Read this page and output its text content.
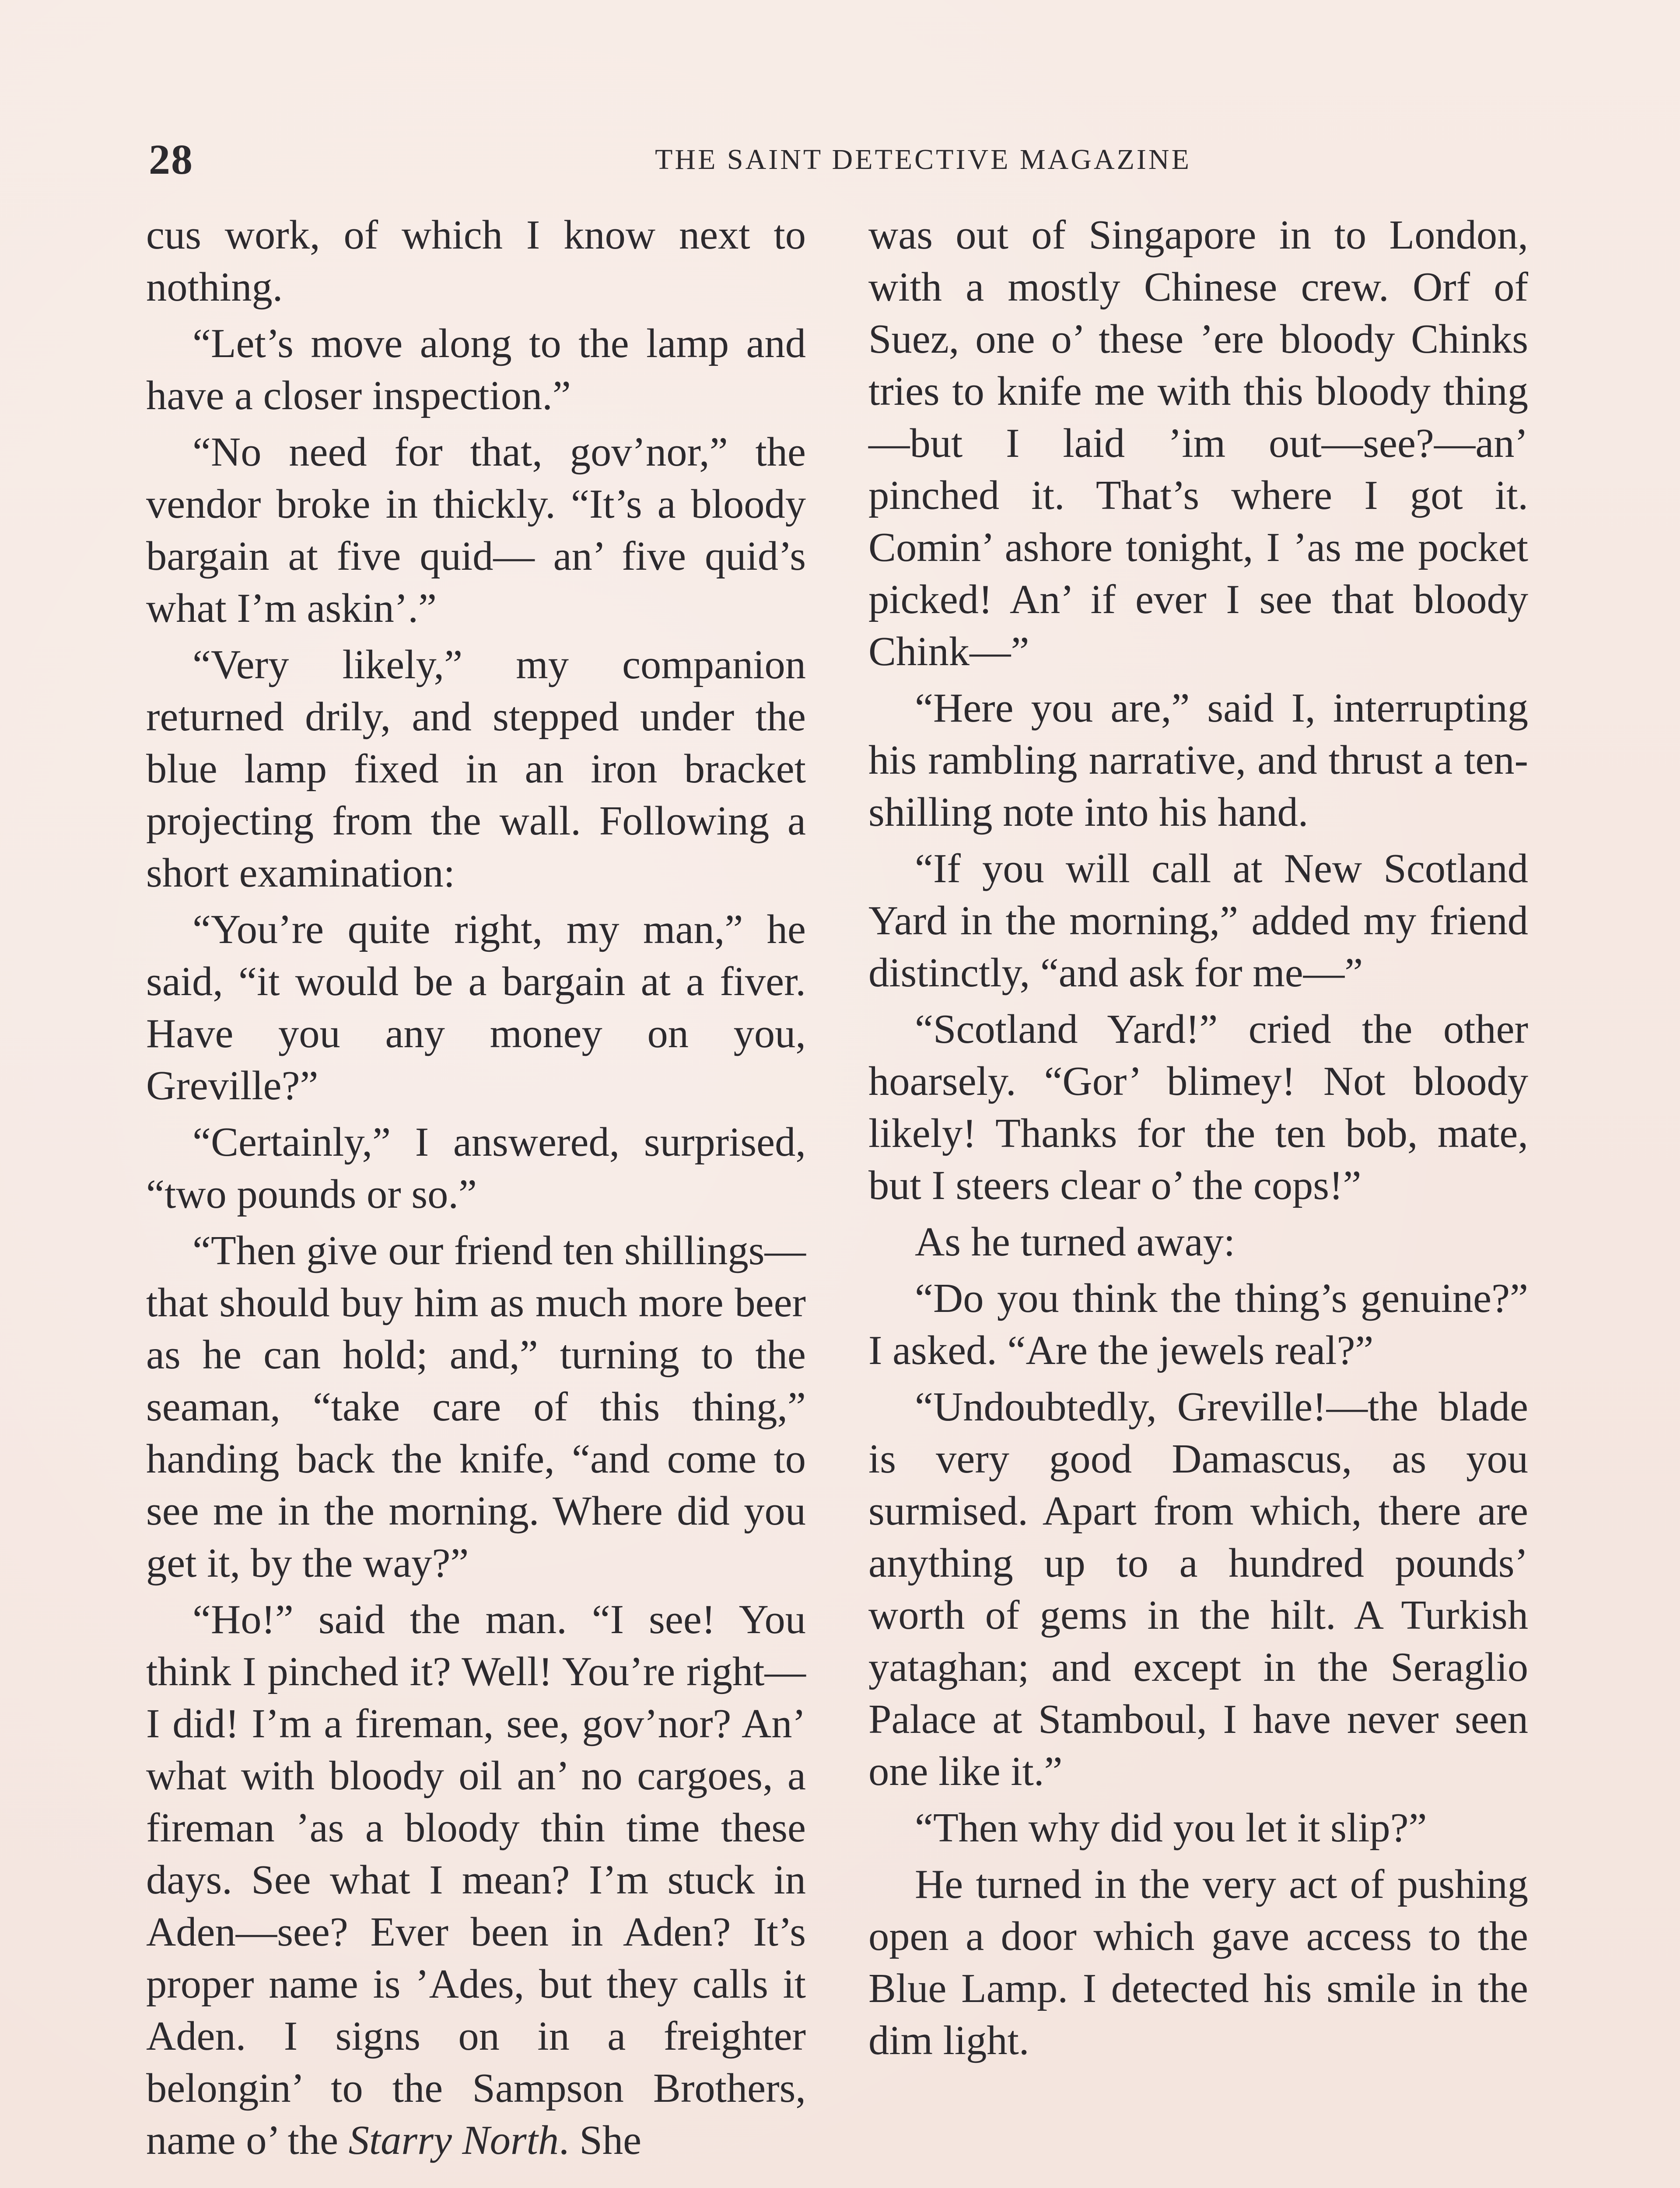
28	THE SAINT DETECTIVE MAGAZINE

cus work, of which I know next to nothing.

“Let’s move along to the lamp and have a closer inspection.”

“No need for that, gov’nor,” the vendor broke in thickly. “It’s a bloody bargain at five quid— an’ five quid’s what I’m askin’.”

“Very likely,” my companion returned drily, and stepped under the blue lamp fixed in an iron bracket projecting from the wall. Following a short examination:

“You’re quite right, my man,” he said, “it would be a bargain at a fiver. Have you any money on you, Greville?”

“Certainly,” I answered, surprised, “two pounds or so.”

“Then give our friend ten shillings—that should buy him as much more beer as he can hold; and,” turning to the seaman, “take care of this thing,” handing back the knife, “and come to see me in the morning. Where did you get it, by the way?”

“Ho!” said the man. “I see! You think I pinched it? Well! You’re right—I did! I’m a fireman, see, gov’nor? An’ what with bloody oil an’ no cargoes, a fireman ’as a bloody thin time these days. See what I mean? I’m stuck in Aden—see? Ever been in Aden? It’s proper name is ’Ades, but they calls it Aden. I signs on in a freighter belongin’ to the Sampson Brothers, name o’ the Starry North. She

was out of Singapore in to London, with a mostly Chinese crew. Orf of Suez, one o’ these ’ere bloody Chinks tries to knife me with this bloody thing—but I laid ’im out—see?—an’ pinched it. That’s where I got it. Comin’ ashore tonight, I ’as me pocket picked! An’ if ever I see that bloody Chink—”

“Here you are,” said I, interrupting his rambling narrative, and thrust a ten-shilling note into his hand.

“If you will call at New Scotland Yard in the morning,” added my friend distinctly, “and ask for me—”

“Scotland Yard!” cried the other hoarsely. “Gor’ blimey! Not bloody likely! Thanks for the ten bob, mate, but I steers clear o’ the cops!”

As he turned away:

“Do you think the thing’s genuine?” I asked. “Are the jewels real?”

“Undoubtedly, Greville!—the blade is very good Damascus, as you surmised. Apart from which, there are anything up to a hundred pounds’ worth of gems in the hilt. A Turkish yataghan; and except in the Seraglio Palace at Stamboul, I have never seen one like it.”

“Then why did you let it slip?”

He turned in the very act of pushing open a door which gave access to the Blue Lamp. I detected his smile in the dim light.
